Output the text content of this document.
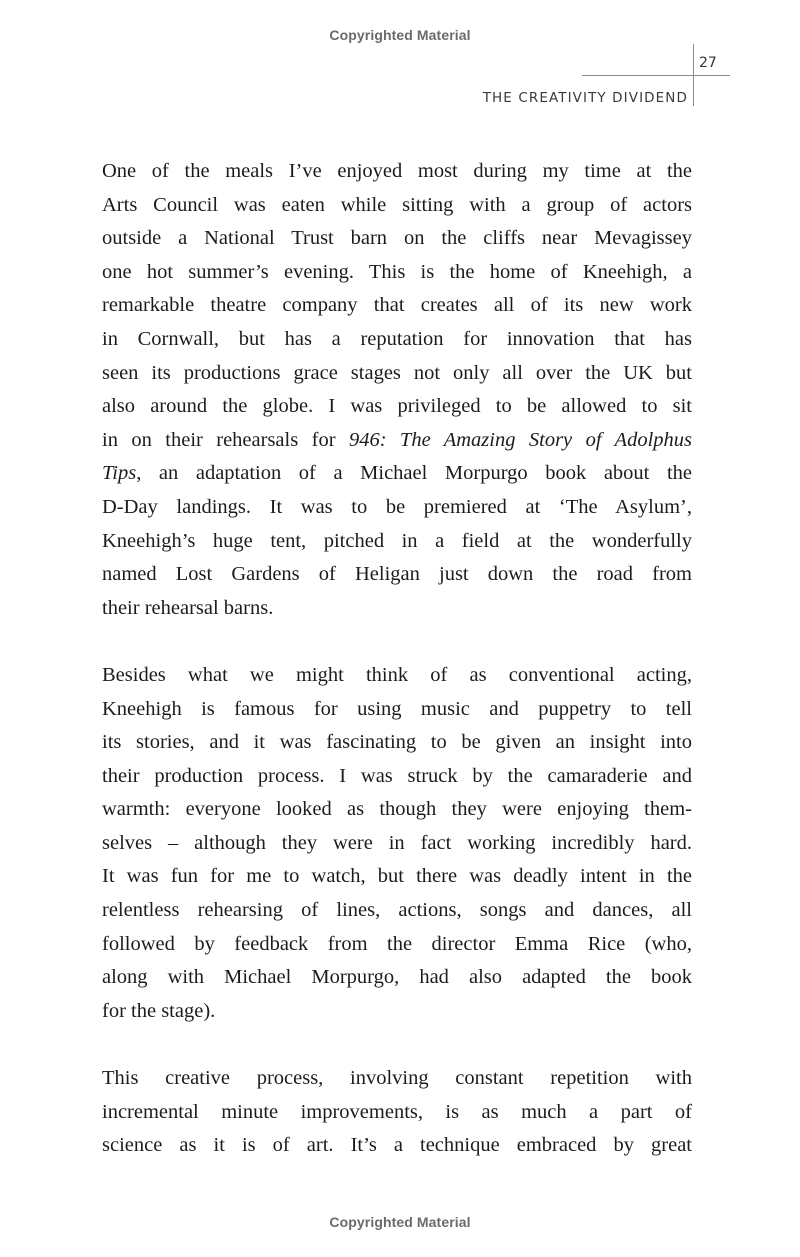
Copyrighted Material
27
THE CREATIVITY DIVIDEND
One of the meals I’ve enjoyed most during my time at the
Arts Council was eaten while sitting with a group of actors
outside a National Trust barn on the cliffs near Mevagissey
one hot summer’s evening. This is the home of Kneehigh, a
remarkable theatre company that creates all of its new work
in Cornwall, but has a reputation for innovation that has
seen its productions grace stages not only all over the UK but
also around the globe. I was privileged to be allowed to sit
in on their rehearsals for 946: The Amazing Story of Adolphus
Tips, an adaptation of a Michael Morpurgo book about the
D-Day landings. It was to be premiered at ‘The Asylum’,
Kneehigh’s huge tent, pitched in a field at the wonderfully
named Lost Gardens of Heligan just down the road from
their rehearsal barns.
Besides what we might think of as conventional acting,
Kneehigh is famous for using music and puppetry to tell
its stories, and it was fascinating to be given an insight into
their production process. I was struck by the camaraderie and
warmth: everyone looked as though they were enjoying them-
selves – although they were in fact working incredibly hard.
It was fun for me to watch, but there was deadly intent in the
relentless rehearsing of lines, actions, songs and dances, all
followed by feedback from the director Emma Rice (who,
along with Michael Morpurgo, had also adapted the book
for the stage).
This creative process, involving constant repetition with
incremental minute improvements, is as much a part of
science as it is of art. It’s a technique embraced by great
Copyrighted Material
